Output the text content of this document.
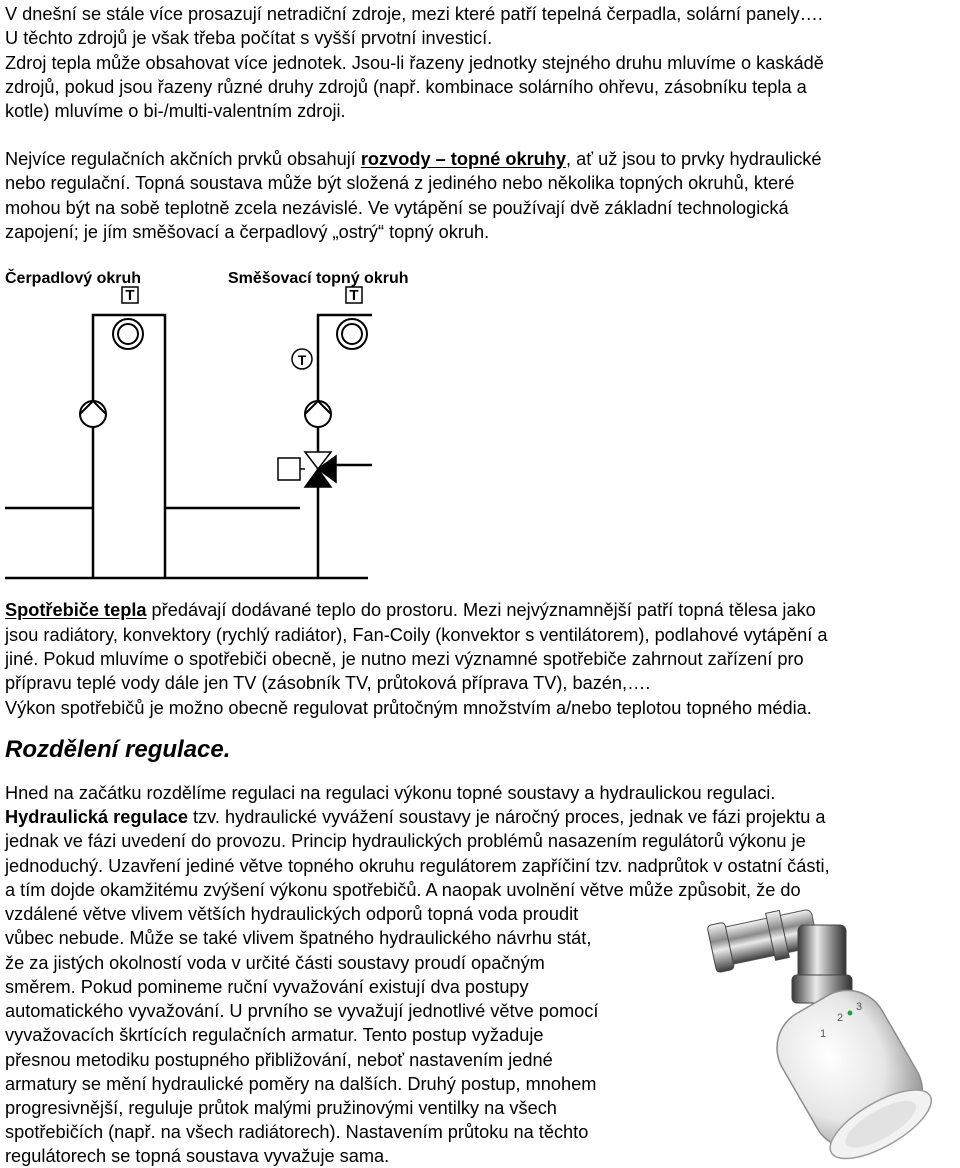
V dnešní se stále více prosazují netradiční zdroje, mezi které patří tepelná čerpadla, solární panely….
U těchto zdrojů je však třeba počítat s vyšší prvotní investicí.
Zdroj tepla může obsahovat více jednotek. Jsou-li řazeny jednotky stejného druhu mluvíme o kaskádě
zdrojů, pokud jsou řazeny různé druhy zdrojů (např. kombinace solárního ohřevu, zásobníku tepla a
kotle) mluvíme o bi-/multi-valentním zdroji.
Nejvíce regulačních akčních prvků obsahují rozvody – topné okruhy, ať už jsou to prvky hydraulické
nebo regulační. Topná soustava může být složená z jediného nebo několika topných okruhů, které
mohou být na sobě teplotně zcela nezávislé. Ve vytápění se používají dvě základní technologická
zapojení; je jím směšovací a čerpadlový „ostrý“ topný okruh.
Čerpadlový okruh	Směšovací topný okruh
T	T
T
Spotřebiče tepla předávají dodávané teplo do prostoru. Mezi nejvýznamnější patří topná tělesa jako
jsou radiátory, konvektory (rychlý radiátor), Fan-Coily (konvektor s ventilátorem), podlahové vytápění a
jiné. Pokud mluvíme o spotřebiči obecně, je nutno mezi významné spotřebiče zahrnout zařízení pro
přípravu teplé vody dále jen TV (zásobník TV, průtoková příprava TV), bazén,….
Výkon spotřebičů je možno obecně regulovat průtočným množstvím a/nebo teplotou topného média.
Rozdělení regulace.
Hned na začátku rozdělíme regulaci na regulaci výkonu topné soustavy a hydraulickou regulaci.
Hydraulická regulace tzv. hydraulické vyvážení soustavy je náročný proces, jednak ve fázi projektu a
jednak ve fázi uvedení do provozu. Princip hydraulických problémů nasazením regulátorů výkonu je
jednoduchý. Uzavření jediné větve topného okruhu regulátorem zapříčiní tzv. nadprůtok v ostatní části,
a tím dojde okamžitému zvýšení výkonu spotřebičů. A naopak uvolnění větve může způsobit, že do
vzdálené větve vlivem větších hydraulických odporů topná voda proudit
vůbec nebude. Může se také vlivem špatného hydraulického návrhu stát,
že za jistých okolností voda v určité části soustavy proudí opačným
směrem. Pokud pomineme ruční vyvažování existují dva postupy
automatického vyvažování. U prvního se vyvažují jednotlivé větve pomocí
vyvažovacích škrtících regulačních armatur. Tento postup vyžaduje
přesnou metodiku postupného přibližování, neboť nastavením jedné
armatury se mění hydraulické poměry na dalších. Druhý postup, mnohem
progresivnější, reguluje průtok malými pružinovými ventilky na všech
spotřebičích (např. na všech radiátorech). Nastavením průtoku na těchto
regulátorech se topná soustava vyvažuje sama.
1
2
3
